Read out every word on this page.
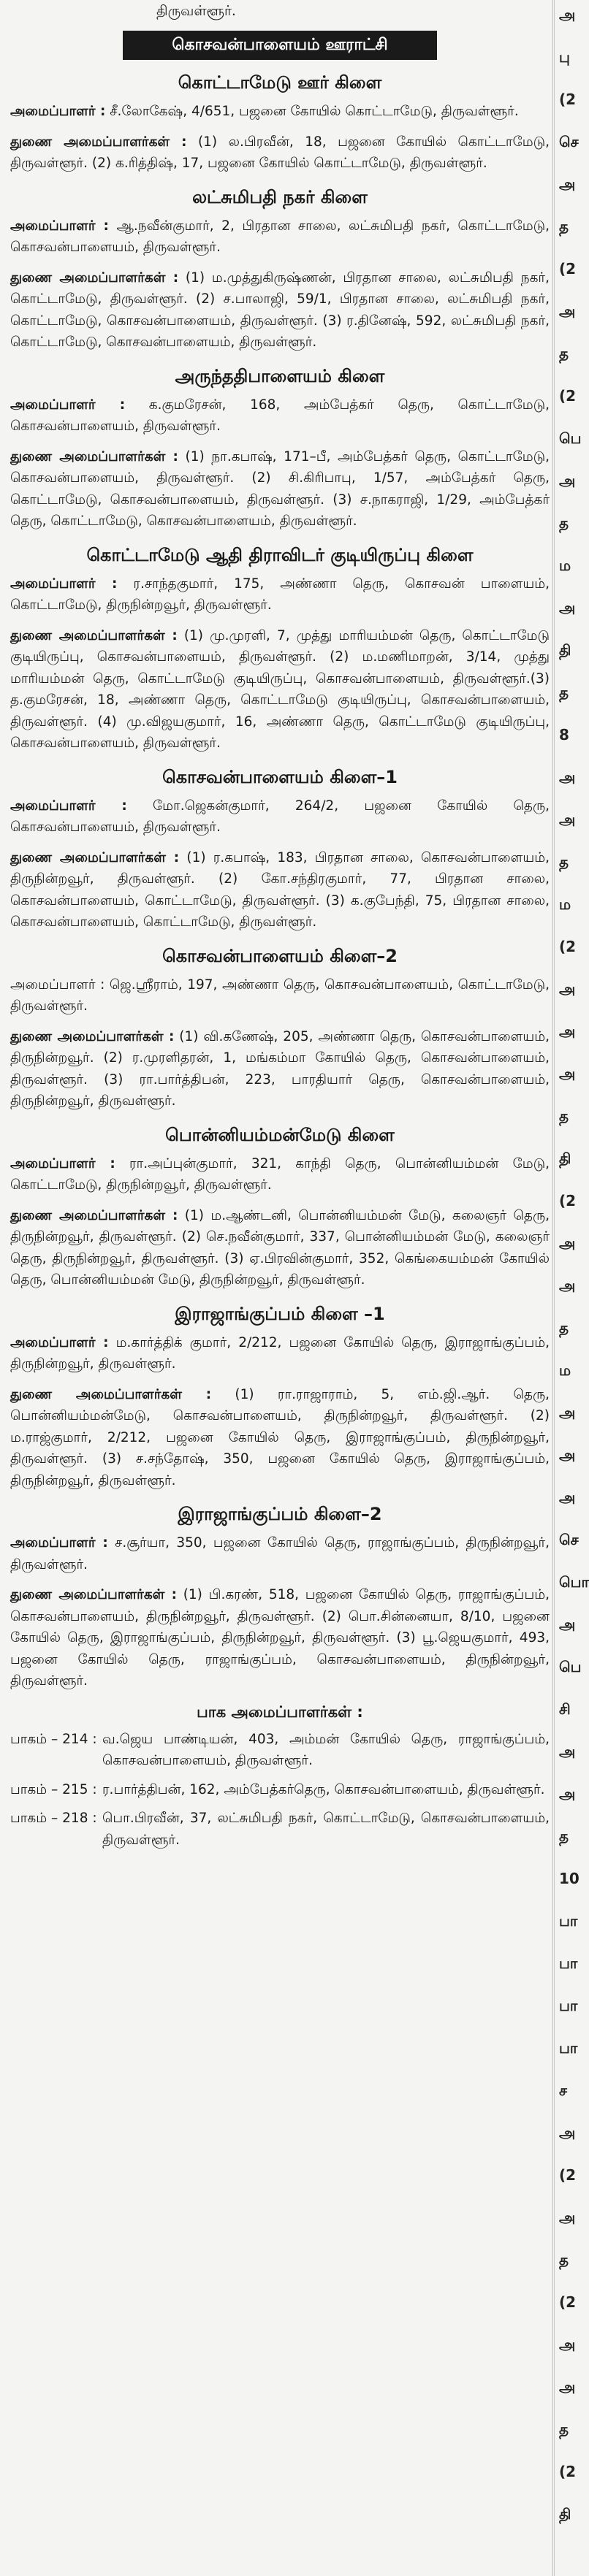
திருவள்ளூர்.
கொசவன்பாளையம் ஊராட்சி
கொட்டாமேடு ஊர் கிளை
அமைப்பாளர் : சீ.லோகேஷ், 4/651, பஜனை கோயில் கொட்டாமேடு, திருவள்ளூர்.
துணை அமைப்பாளர்கள் : (1) ல.பிரவீன், 18, பஜனை கோயில் கொட்டாமேடு, திருவள்ளூர். (2) க.ரித்திஷ், 17, பஜனை கோயில் கொட்டாமேடு, திருவள்ளூர்.
லட்சுமிபதி நகர் கிளை
அமைப்பாளர் : ஆ.நவீன்குமார், 2, பிரதான சாலை, லட்சுமிபதி நகர், கொட்டாமேடு, கொசவன்பாளையம், திருவள்ளூர்.
துணை அமைப்பாளர்கள் : (1) ம.முத்துகிருஷ்ணன், பிரதான சாலை, லட்சுமிபதி நகர், கொட்டாமேடு, திருவள்ளூர். (2) ச.பாலாஜி, 59/1, பிரதான சாலை, லட்சுமிபதி நகர், கொட்டாமேடு, கொசவன்பாளையம், திருவள்ளூர். (3) ர.தினேஷ், 592, லட்சுமிபதி நகர், கொட்டாமேடு, கொசவன்பாளையம், திருவள்ளூர்.
அருந்ததிபாளையம் கிளை
அமைப்பாளர் : க.குமரேசன், 168, அம்பேத்கர் தெரு, கொட்டாமேடு, கொசவன்பாளையம், திருவள்ளூர்.
துணை அமைப்பாளர்கள் : (1) நா.கபாஷ், 171–பீ, அம்பேத்கர் தெரு, கொட்டாமேடு, கொசவன்பாளையம், திருவள்ளூர். (2) சி.கிரிபாபு, 1/57, அம்பேத்கர் தெரு, கொட்டாமேடு, கொசவன்பாளையம், திருவள்ளூர். (3) ச.நாகராஜி, 1/29, அம்பேத்கர் தெரு, கொட்டாமேடு, கொசவன்பாளையம், திருவள்ளூர்.
கொட்டாமேடு ஆதி திராவிடர் குடியிருப்பு கிளை
அமைப்பாளர் : ர.சாந்தகுமார், 175, அண்ணா தெரு, கொசவன் பாளையம், கொட்டாமேடு, திருநின்றவூர், திருவள்ளூர்.
துணை அமைப்பாளர்கள் : (1) மு.முரளி, 7, முத்து மாரியம்மன் தெரு, கொட்டாமேடு குடியிருப்பு, கொசவன்பாளையம், திருவள்ளூர். (2) ம.மணிமாறன், 3/14, முத்து மாரியம்மன் தெரு, கொட்டாமேடு குடியிருப்பு, கொசவன்பாளையம், திருவள்ளூர்.(3) த.குமரேசன், 18, அண்ணா தெரு, கொட்டாமேடு குடியிருப்பு, கொசவன்பாளையம், திருவள்ளூர். (4) மு.விஜயகுமார், 16, அண்ணா தெரு, கொட்டாமேடு குடியிருப்பு, கொசவன்பாளையம், திருவள்ளூர்.
கொசவன்பாளையம் கிளை–1
அமைப்பாளர் : மோ.ஜெகன்குமார், 264/2, பஜனை கோயில் தெரு, கொசவன்பாளையம், திருவள்ளூர்.
துணை அமைப்பாளர்கள் : (1) ர.கபாஷ், 183, பிரதான சாலை, கொசவன்பாளையம், திருநின்றவூர், திருவள்ளூர். (2) கோ.சந்திரகுமார், 77, பிரதான சாலை, கொசவன்பாளையம், கொட்டாமேடு, திருவள்ளூர். (3) க.குபேந்தி, 75, பிரதான சாலை, கொசவன்பாளையம், கொட்டாமேடு, திருவள்ளூர்.
கொசவன்பாளையம் கிளை–2
அமைப்பாளர் : ஜெ.ஸ்ரீராம், 197, அண்ணா தெரு, கொசவன்பாளையம், கொட்டாமேடு, திருவள்ளூர்.
துணை அமைப்பாளர்கள் : (1) வி.கணேஷ், 205, அண்ணா தெரு, கொசவன்பாளையம், திருநின்றவூர். (2) ர.முரளிதரன், 1, மங்கம்மா கோயில் தெரு, கொசவன்பாளையம், திருவள்ளூர். (3) ரா.பார்த்திபன், 223, பாரதியார் தெரு, கொசவன்பாளையம், திருநின்றவூர், திருவள்ளூர்.
பொன்னியம்மன்மேடு கிளை
அமைப்பாளர் : ரா.அப்புன்குமார், 321, காந்தி தெரு, பொன்னியம்மன் மேடு, கொட்டாமேடு, திருநின்றவூர், திருவள்ளூர்.
துணை அமைப்பாளர்கள் : (1) ம.ஆண்டனி, பொன்னியம்மன் மேடு, கலைஞர் தெரு, திருநின்றவூர், திருவள்ளூர். (2) செ.நவீன்குமார், 337, பொன்னியம்மன் மேடு, கலைஞர் தெரு, திருநின்றவூர், திருவள்ளூர். (3) ஏ.பிரவின்குமார், 352, கெங்கையம்மன் கோயில் தெரு, பொன்னியம்மன் மேடு, திருநின்றவூர், திருவள்ளூர்.
இராஜாங்குப்பம் கிளை –1
அமைப்பாளர் : ம.கார்த்திக் குமார், 2/212, பஜனை கோயில் தெரு, இராஜாங்குப்பம், திருநின்றவூர், திருவள்ளூர்.
துணை அமைப்பாளர்கள் : (1) ரா.ராஜாராம், 5, எம்.ஜி.ஆர். தெரு, பொன்னியம்மன்மேடு, கொசவன்பாளையம், திருநின்றவூர், திருவள்ளூர். (2) ம.ராஜ்குமார், 2/212, பஜனை கோயில் தெரு, இராஜாங்குப்பம், திருநின்றவூர், திருவள்ளூர். (3) ச.சந்தோஷ், 350, பஜனை கோயில் தெரு, இராஜாங்குப்பம், திருநின்றவூர், திருவள்ளூர்.
இராஜாங்குப்பம் கிளை–2
அமைப்பாளர் : ச.சூர்யா, 350, பஜனை கோயில் தெரு, ராஜாங்குப்பம், திருநின்றவூர், திருவள்ளூர்.
துணை அமைப்பாளர்கள் : (1) பி.கரண், 518, பஜனை கோயில் தெரு, ராஜாங்குப்பம், கொசவன்பாளையம், திருநின்றவூர், திருவள்ளூர். (2) பொ.சின்னையா, 8/10, பஜனை கோயில் தெரு, இராஜாங்குப்பம், திருநின்றவூர், திருவள்ளூர். (3) பூ.ஜெயகுமார், 493, பஜனை கோயில் தெரு, ராஜாங்குப்பம், கொசவன்பாளையம், திருநின்றவூர், திருவள்ளூர்.
பாக அமைப்பாளர்கள் :
பாகம் – 214 : வ.ஜெய பாண்டியன், 403, அம்மன் கோயில் தெரு, ராஜாங்குப்பம், கொசவன்பாளையம், திருவள்ளூர்.
பாகம் – 215 : ர.பார்த்திபன், 162, அம்பேத்கர்தெரு, கொசவன்பாளையம், திருவள்ளூர்.
பாகம் – 218 : பொ.பிரவீன், 37, லட்சுமிபதி நகர், கொட்டாமேடு, கொசவன்பாளையம், திருவள்ளூர்.
அ
பு
(2
செ
அ
த
(2
அ
த
(2
பெ
அ
த
ம
அ
தி
த
8
அ
அ
த
ம
(2
அ
அ
அ
த
தி
(2
அ
அ
த
ம
அ
அ
அ
செ
பொ
அ
பெ
சி
அ
அ
த
10
பா
பா
பா
பா
ச
அ
(2
அ
த
(2
அ
அ
த
(2
தி
